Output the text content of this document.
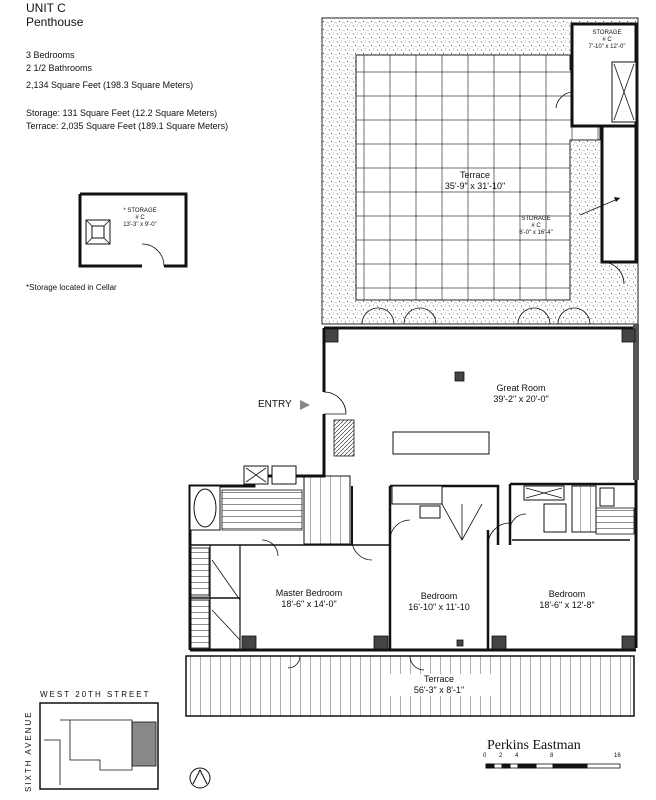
UNIT C
Penthouse
3 Bedrooms
2 1/2 Bathrooms
2,134 Square Feet (198.3 Square Meters)
Storage: 131 Square Feet (12.2 Square Meters)
Terrace: 2,035 Square Feet (189.1 Square Meters)
Terrace
35'-9" x 31'-10"
STORAGE
# C
7'-10" x 12'-0"
STORAGE
# C
6'-0" x 16'-4"
Great Room
39'-2" x 20'-0"
ENTRY
Master Bedroom
18'-6" x 14'-0"
Bedroom
16'-10" x 11'-10
Bedroom
18'-6" x 12'-8"
Terrace
56'-3" x 8'-1"
* STORAGE
# C
13'-3" x 9'-0"
*Storage located in Cellar
WEST 20TH STREET
SIXTH AVENUE	Perkins Eastman
0 2 4	8	16
